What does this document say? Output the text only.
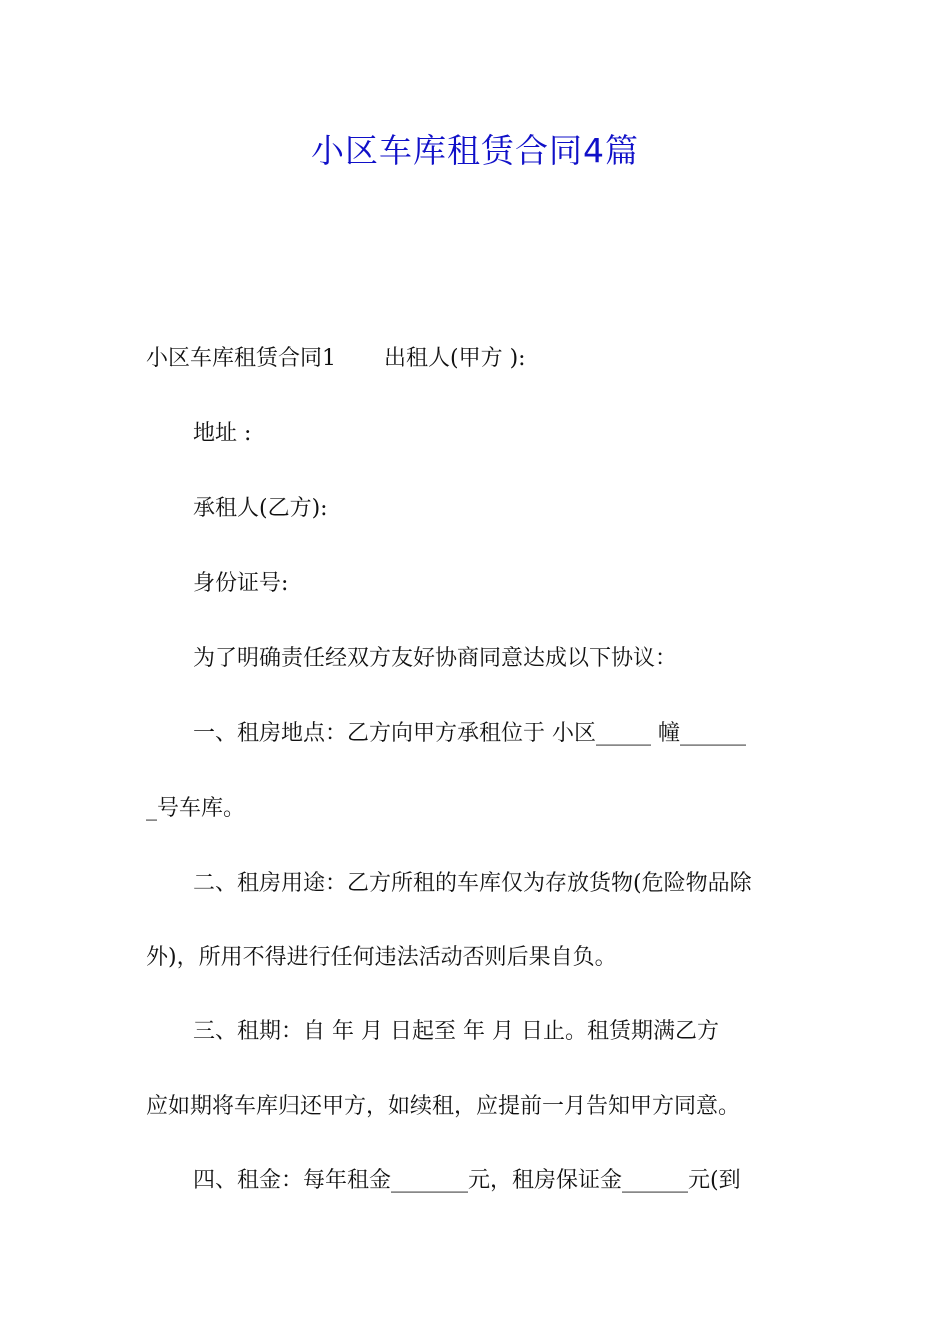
小区车库租赁合同4篇
小区车库租赁合同1 出租人(甲方 ):
地址 :
承租人(乙方):
身份证号:
为了明确责任经双方友好协商同意达成以下协议：
一、租房地点：乙方向甲方承租位于 小区_____ 幢______
_号车库。
二、租房用途：乙方所租的车库仅为存放货物(危险物品除
外)，所用不得进行任何违法活动否则后果自负。
三、租期：自 年 月 日起至 年 月 日止。租赁期满乙方
应如期将车库归还甲方，如续租，应提前一月告知甲方同意。
四、租金：每年租金_______元，租房保证金______元(到
